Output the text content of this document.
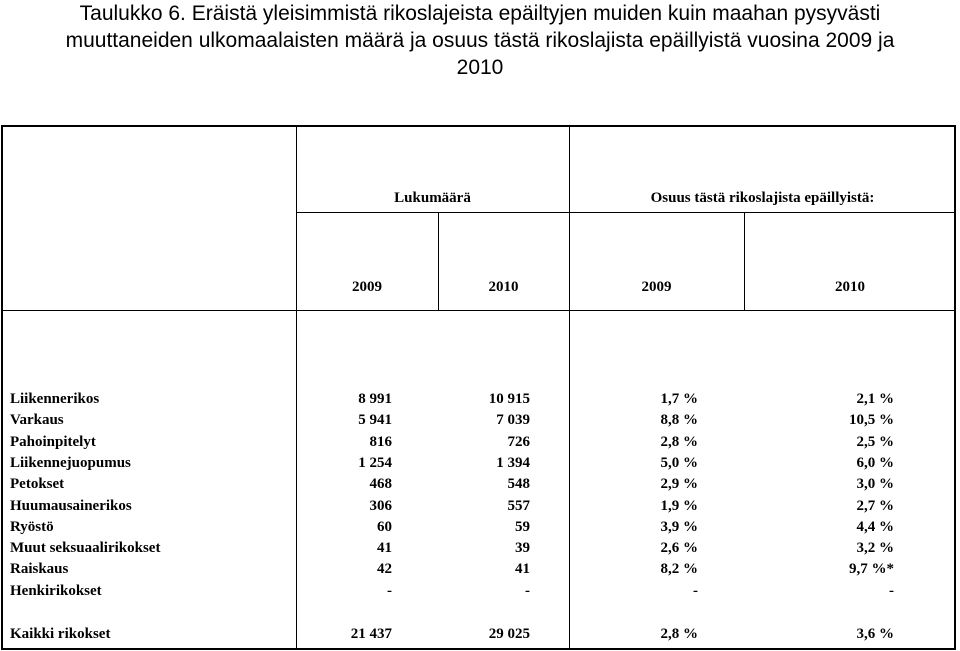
Taulukko 6. Eräistä yleisimmistä rikoslajeista epäiltyjen muiden kuin maahan pysyvästi
muuttaneiden ulkomaalaisten määrä ja osuus tästä rikoslajista epäillyistä vuosina 2009 ja
2010
Lukumäärä	Osuus tästä rikoslajista epäillyistä:
2009	2010	2009	2010
Liikennerikos	8 991	10 915	1,7 %	2,1 %
Varkaus	5 941	7 039	8,8 %	10,5 %
Pahoinpitelyt	816	726	2,8 %	2,5 %
Liikennejuopumus	1 254	1 394	5,0 %	6,0 %
Petokset	468	548	2,9 %	3,0 %
Huumausainerikos	306	557	1,9 %	2,7 %
Ryöstö	60	59	3,9 %	4,4 %
Muut seksuaalirikokset	41	39	2,6 %	3,2 %
Raiskaus	42	41	8,2 %	9,7 %*
Henkirikokset	-	-	-	-
Kaikki rikokset	21 437	29 025	2,8 %	3,6 %
